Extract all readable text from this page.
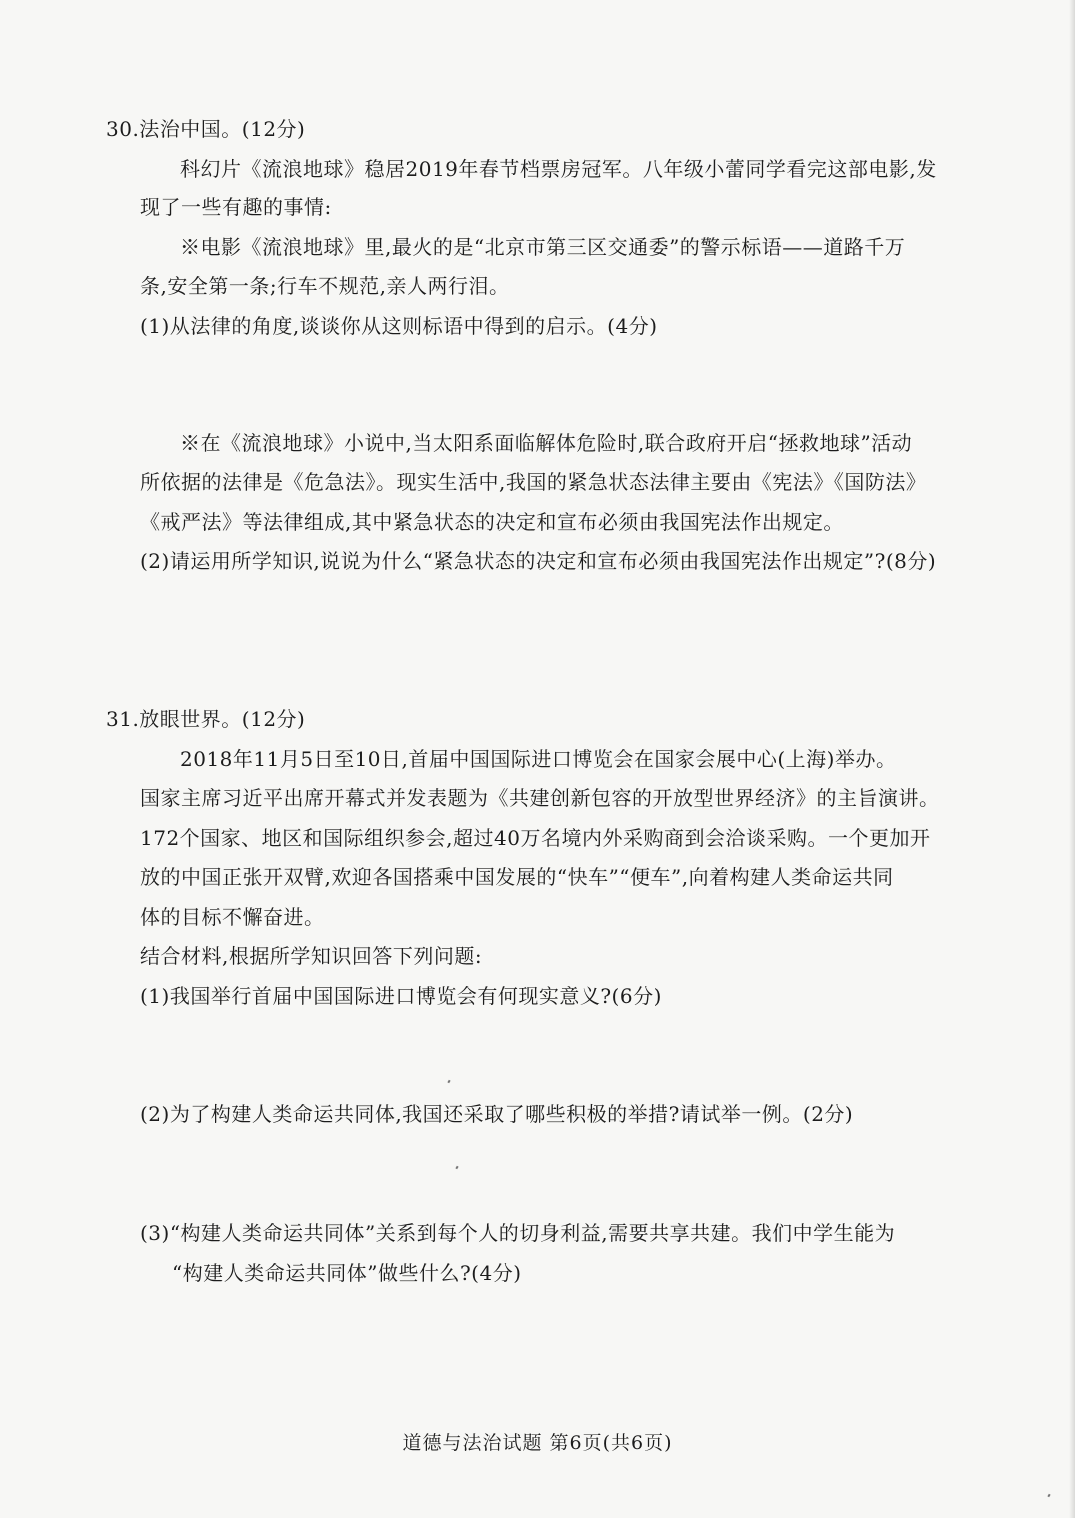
30.法治中国。(12分)
科幻片《流浪地球》稳居2019年春节档票房冠军。八年级小蕾同学看完这部电影,发
现了一些有趣的事情:
※电影《流浪地球》里,最火的是“北京市第三区交通委”的警示标语——道路千万
条,安全第一条;行车不规范,亲人两行泪。
(1)从法律的角度,谈谈你从这则标语中得到的启示。(4分)
※在《流浪地球》小说中,当太阳系面临解体危险时,联合政府开启“拯救地球”活动
所依据的法律是《危急法》。现实生活中,我国的紧急状态法律主要由《宪法》《国防法》
《戒严法》等法律组成,其中紧急状态的决定和宣布必须由我国宪法作出规定。
(2)请运用所学知识,说说为什么“紧急状态的决定和宣布必须由我国宪法作出规定”?(8分)
31.放眼世界。(12分)
2018年11月5日至10日,首届中国国际进口博览会在国家会展中心(上海)举办。
国家主席习近平出席开幕式并发表题为《共建创新包容的开放型世界经济》的主旨演讲。
172个国家、地区和国际组织参会,超过40万名境内外采购商到会洽谈采购。一个更加开
放的中国正张开双臂,欢迎各国搭乘中国发展的“快车”“便车”,向着构建人类命运共同
体的目标不懈奋进。
结合材料,根据所学知识回答下列问题:
(1)我国举行首届中国国际进口博览会有何现实意义?(6分)
(2)为了构建人类命运共同体,我国还采取了哪些积极的举措?请试举一例。(2分)
(3)“构建人类命运共同体”关系到每个人的切身利益,需要共享共建。我们中学生能为
“构建人类命运共同体”做些什么?(4分)
道德与法治试题 第6页(共6页)
